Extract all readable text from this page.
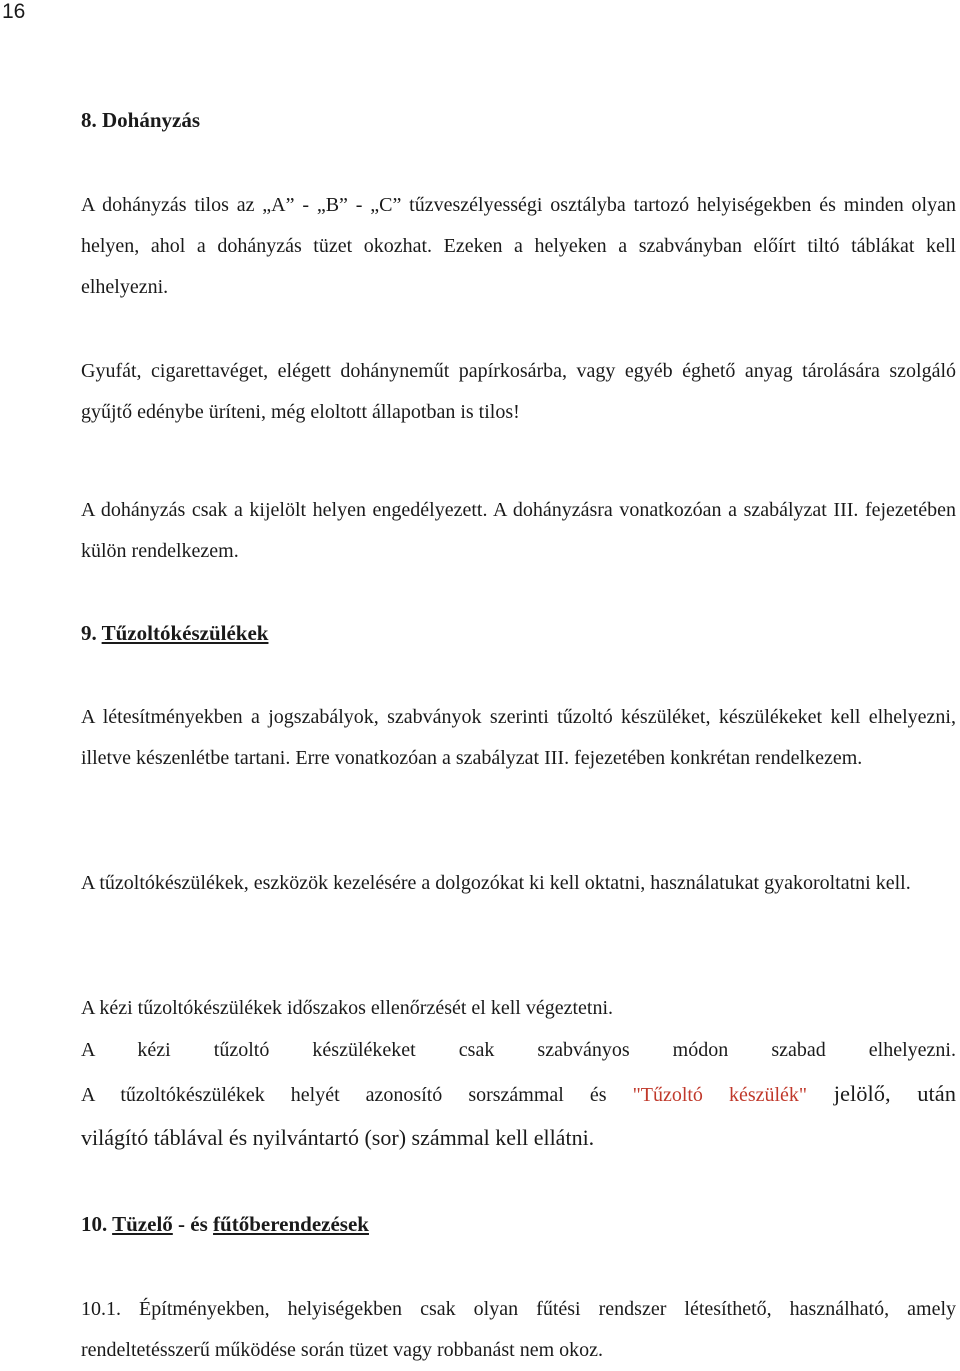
16
8. Dohányzás

A dohányzás tilos az „A” - „B” - „C” tűzveszélyességi osztályba tartozó helyiségekben és minden olyan helyen, ahol a dohányzás tüzet okozhat. Ezeken a helyeken a szabványban előírt tiltó táblákat kell elhelyezni.

Gyufát, cigarettavéget, elégett dohányneműt papírkosárba, vagy egyéb éghető anyag tárolására szolgáló gyűjtő edénybe üríteni, még eloltott állapotban is tilos!

A dohányzás csak a kijelölt helyen engedélyezett. A dohányzásra vonatkozóan a szabályzat III. fejezetében külön rendelkezem.

9. Tűzoltókészülékek

A létesítményekben a jogszabályok, szabványok szerinti tűzoltó készüléket, készülékeket kell elhelyezni, illetve készenlétbe tartani. Erre vonatkozóan a szabályzat III. fejezetében konkrétan rendelkezem.

A tűzoltókészülékek, eszközök kezelésére a dolgozókat ki kell oktatni, használatukat gyakoroltatni kell.

A kézi tűzoltókészülékek időszakos ellenőrzését el kell végeztetni.

A kézi tűzoltó készülékeket csak szabványos módon szabad elhelyezni.

A tűzoltókészülékek helyét azonosító sorszámmal és "Tűzoltó készülék" jelölő, után

világító táblával és nyilvántartó (sor) számmal kell ellátni.

10. Tüzelő - és fűtőberendezések

10.1. Építményekben, helyiségekben csak olyan fűtési rendszer létesíthető, használható, amely rendeltetésszerű működése során tüzet vagy robbanást nem okoz.
